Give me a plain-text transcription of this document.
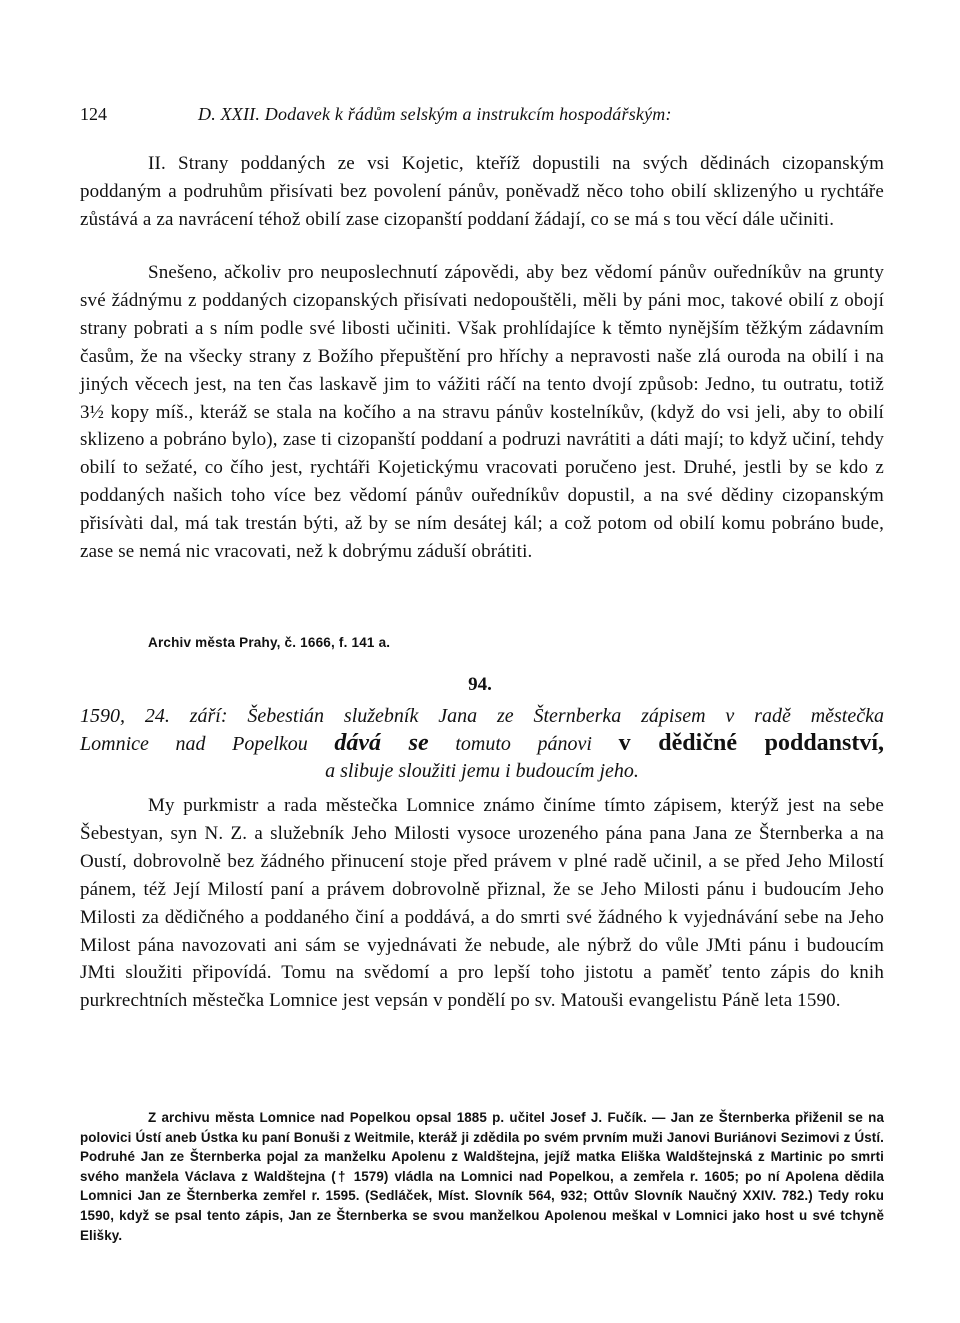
124	D. XXII. Dodavek k řádům selským a instrukcím hospodářským:

II. Strany poddaných ze vsi Kojetic, kteříž dopustili na svých dědinách cizopanským poddaným a podruhům přisívati bez povolení pánův, poněvadž něco toho obilí sklizenýho u rychtáře zůstává a za navrácení téhož obilí zase cizopanští poddaní žádají, co se má s tou věcí dále učiniti.

Snešeno, ačkoliv pro neuposlechnutí zápovědi, aby bez vědomí pánův ouředníkův na grunty své žádnýmu z poddaných cizopanských přisívati nedopouštěli, měli by páni moc, takové obilí z obojí strany pobrati a s ním podle své libosti učiniti. Však prohlídajíce k těmto nynějším těžkým zádavním časům, že na všecky strany z Božího přepuštění pro hříchy a nepravosti naše zlá ouroda na obilí i na jiných věcech jest, na ten čas laskavě jim to vážiti ráčí na tento dvojí způsob: Jedno, tu outratu, totiž 3½ kopy míš., kteráž se stala na kočího a na stravu pánův kostelníkův, (když do vsi jeli, aby to obilí sklizeno a pobráno bylo), zase ti cizopanští poddaní a podruzi navrátiti a dáti mají; to když učiní, tehdy obilí to sežaté, co čího jest, rychtáři Kojetickýmu vracovati poručeno jest. Druhé, jestli by se kdo z poddaných našich toho více bez vědomí pánův ouředníkův dopustil, a na své dědiny cizopanským přisívàti dal, má tak trestán býti, až by se ním desátej kál; a což potom od obilí komu pobráno bude, zase se nemá nic vracovati, než k dobrýmu záduší obrátiti.

Archiv města Prahy, č. 1666, f. 141 a.
94.
1590, 24. září: Šebestián služebník Jana ze Šternberka zápisem v radě městečka
Lomnice nad Popelkou dává se tomuto pánovi v dědičné poddanství,
a slibuje sloužiti jemu i budoucím jeho.

My purkmistr a rada městečka Lomnice známo činíme tímto zápisem, kterýž jest na sebe Šebestyan, syn N. Z. a služebník Jeho Milosti vysoce urozeného pána pana Jana ze Šternberka a na Oustí, dobrovolně bez žádného přinucení stoje před právem v plné radě učinil, a se před Jeho Milostí pánem, též Její Milostí paní a právem dobrovolně přiznal, že se Jeho Milosti pánu i budoucím Jeho Milosti za dědičného a poddaného činí a poddává, a do smrti své žádného k vyjednávání sebe na Jeho Milost pána navozovati ani sám se vyjednávati že nebude, ale nýbrž do vůle JMti pánu i budoucím JMti sloužiti připovídá. Tomu na svědomí a pro lepší toho jistotu a paměť tento zápis do knih purkrechtních městečka Lomnice jest vepsán v pondělí po sv. Matouši evangelistu Páně leta 1590.

Z archivu města Lomnice nad Popelkou opsal 1885 p. učitel Josef J. Fučík. — Jan ze Šternberka přiženil se na polovici Ústí aneb Ústka ku paní Bonuši z Weitmile, kteráž ji zdědila po svém prvním muži Janovi Buriánovi Sezimovi z Ústí. Podruhé Jan ze Šternberka pojal za manželku Apolenu z Waldštejna, jejíž matka Eliška Waldštejnská z Martinic po smrti svého manžela Václava z Waldštejna († 1579) vládla na Lomnici nad Popelkou, a zemřela r. 1605; po ní Apolena dědila Lomnici Jan ze Šternberka zemřel r. 1595. (Sedláček, Míst. Slovník 564, 932; Ottův Slovník Naučný XXIV. 782.) Tedy roku 1590, když se psal tento zápis, Jan ze Šternberka se svou manželkou Apolenou meškal v Lomnici jako host u své tchyně Elišky.
